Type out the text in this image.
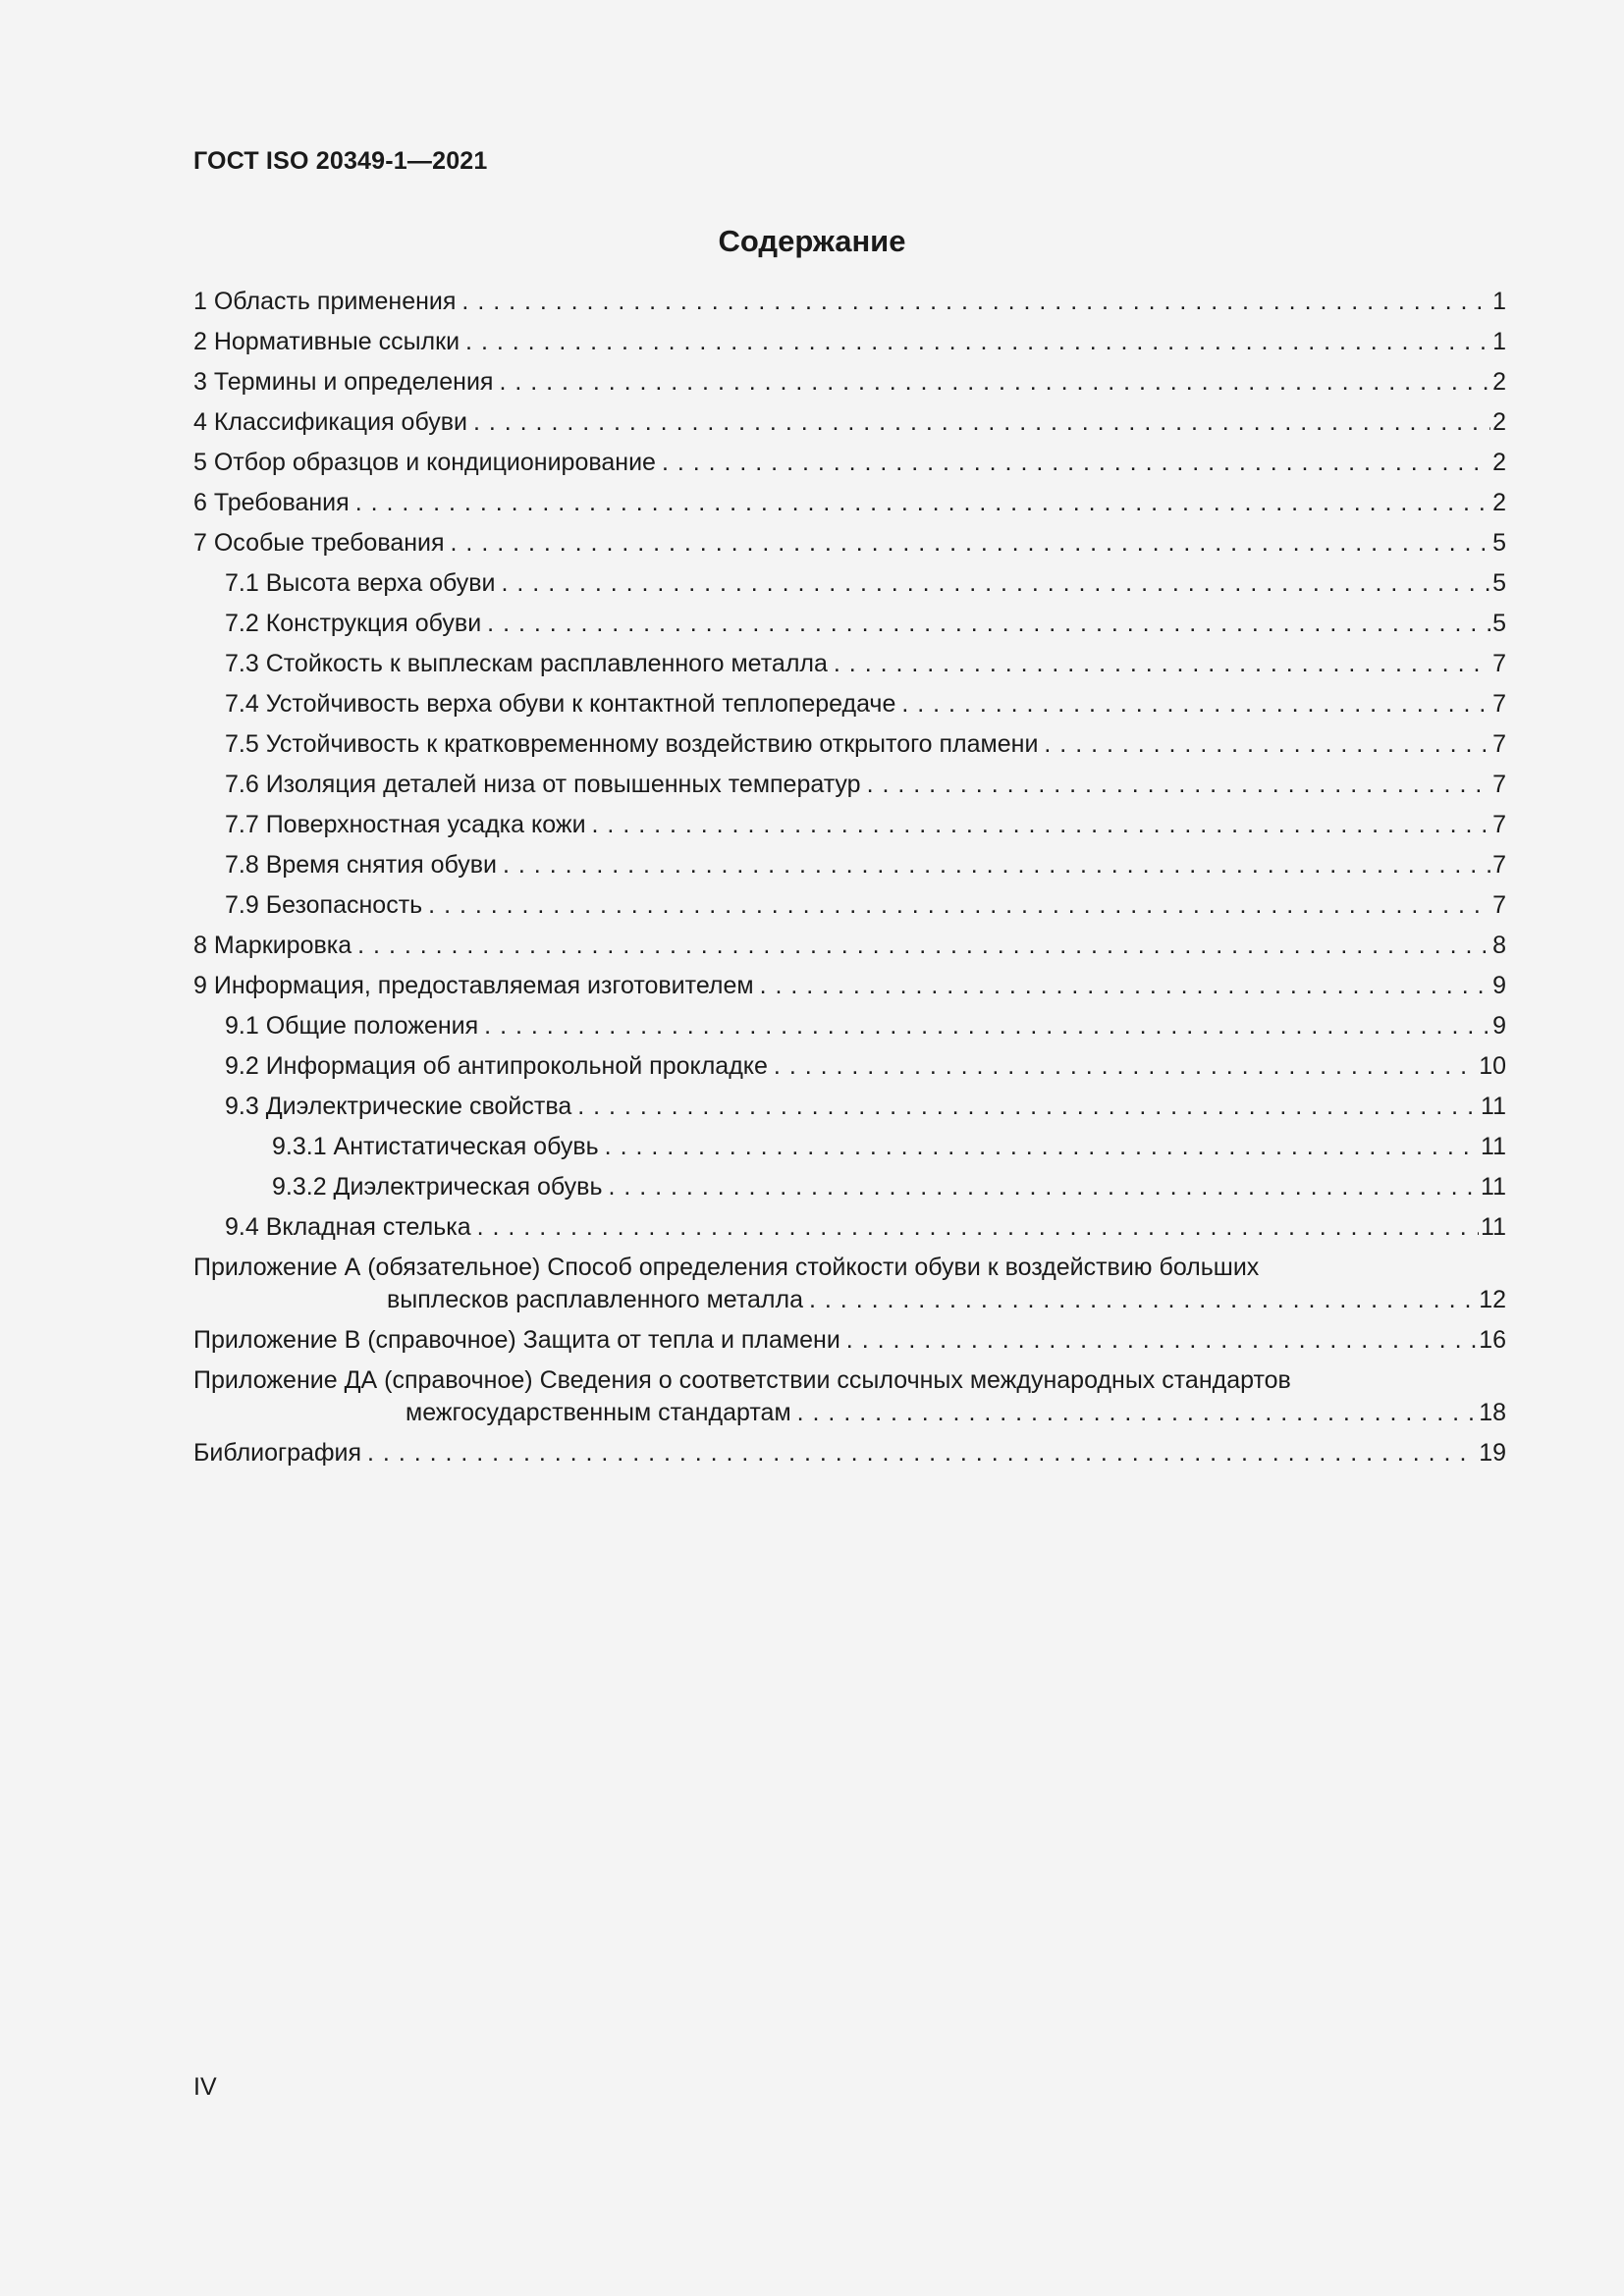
ГОСТ ISO 20349-1—2021
Содержание
1 Область применения . . .	1
2 Нормативные ссылки . . .	1
3 Термины и определения . . .	2
4 Классификация обуви . . .	2
5 Отбор образцов и кондиционирование . . .	2
6 Требования . . .	2
7 Особые требования . . .	5
7.1 Высота верха обуви . . .	5
7.2 Конструкция обуви . . .	5
7.3 Стойкость к выплескам расплавленного металла . . .	7
7.4 Устойчивость верха обуви к контактной теплопередаче . . .	7
7.5 Устойчивость к кратковременному воздействию открытого пламени . . .	7
7.6 Изоляция деталей низа от повышенных температур . . .	7
7.7 Поверхностная усадка кожи . . .	7
7.8 Время снятия обуви . . .	7
7.9 Безопасность . . .	7
8 Маркировка . . .	8
9 Информация, предоставляемая изготовителем . . .	9
9.1 Общие положения . . .	9
9.2 Информация об антипрокольной прокладке . . .	10
9.3 Диэлектрические свойства . . .	11
9.3.1 Антистатическая обувь . . .	11
9.3.2 Диэлектрическая обувь . . .	11
9.4 Вкладная стелька . . .	11
Приложение А (обязательное) Способ определения стойкости обуви к воздействию больших
выплесков расплавленного металла . . .	12
Приложение B (справочное) Защита от тепла и пламени . . .	16
Приложение ДА (справочное) Сведения о соответствии ссылочных международных стандартов
межгосударственным стандартам . . .	18
Библиография . . .	19
IV
